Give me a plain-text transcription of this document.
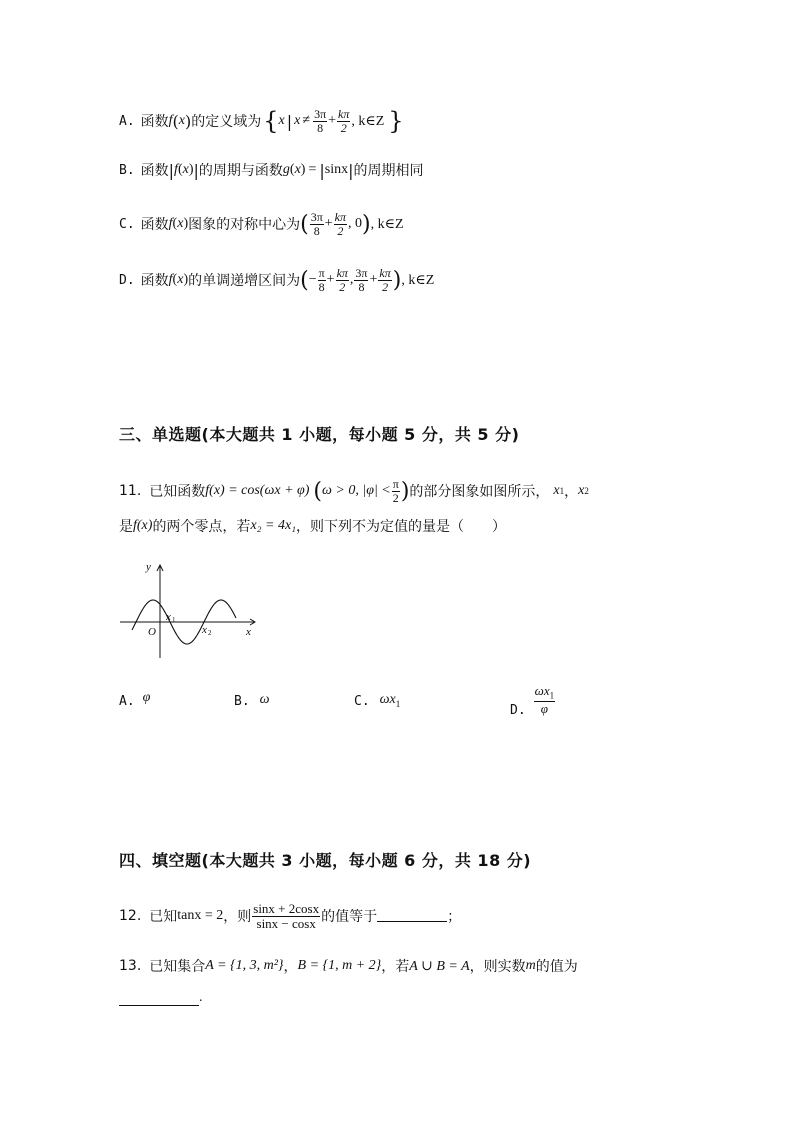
A. 函数 f ( x ) 的定义域为 { x | $x \ne \frac{3\pi}{8} + \frac{k\pi}{2}$ , k∈Z }
B. 函数 | f ( x ) | 的周期与函数 g ( x ) = | sinx | 的周期相同
C. 函数 f ( x ) 图象的对称中心为 ( $\frac{3\pi}{8} + \frac{k\pi}{2}$ , 0 ) , k∈Z
D. 函数 f ( x ) 的单调递增区间为 ( − $\frac{\pi}{8} + \frac{k\pi}{2}$ , $\frac{3\pi}{8} + \frac{k\pi}{2}$ ) , k∈Z
三、单选题(本大题共 1 小题，每小题 5 分，共 5 分)
11. 已知函数 f(x) = cos(ωx + φ) ( ω > 0, $|\varphi| < \frac{\pi}{2}$ ) 的部分图象如图所示， x 1 ， x 2
是 f(x) 的两个零点，若 x₂ = 4x₁ ，则下列不为定值的量是（　　）
y
x
O
x 1
x 2
A. φ	B. ω	C. $\omega x_1$	D. $\frac{\omega x_1}{\varphi}$
四、填空题(本大题共 3 小题，每小题 6 分，共 18 分)
12. 已知 tanx = 2 ，则 $\frac{\sin x + 2\cos x}{\sin x - \cos x}$ 的值等于	；
13. 已知集合 A = {1, 3, m²} ， B = {1, m + 2} ，若 A ∪ B = A ，则实数 m 的值为
.
